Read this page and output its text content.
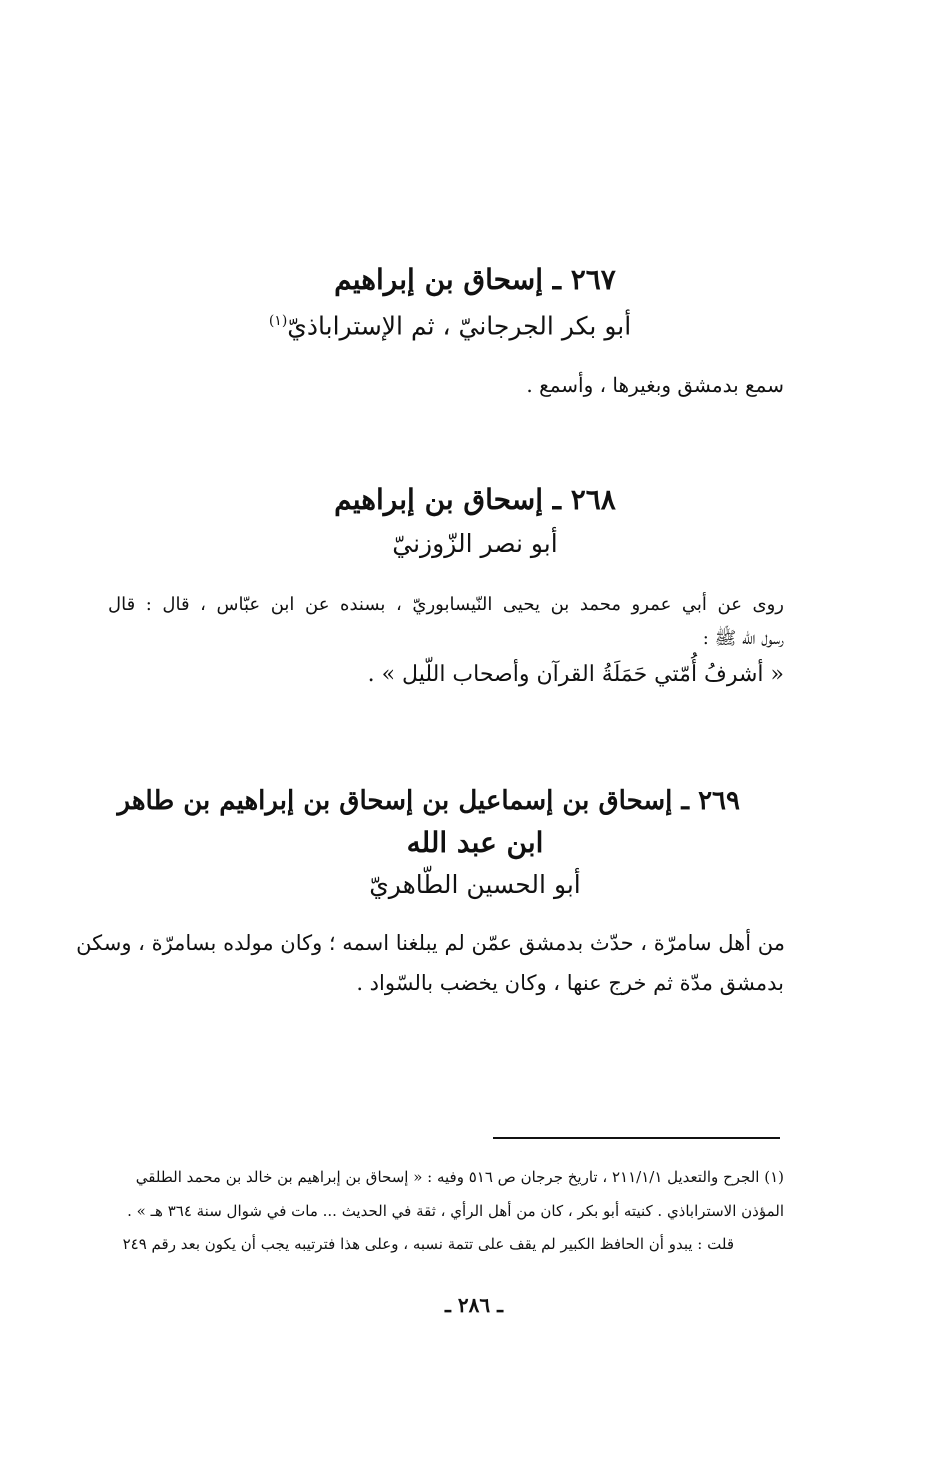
٢٦٧ ـ إسحاق بن إبراهيم
أبو بكر الجرجانيّ ، ثم الإستراباذيّ$^{(١)}$
سمع بدمشق وبغيرها ، وأسمع .
٢٦٨ ـ إسحاق بن إبراهيم
أبو نصر الزّوزنيّ
روى عن أبي عمرو محمد بن يحيى النّيسابوريّ ، بسنده عن ابن عبّاس ، قال : قال
رسول الله ﷺ :
« أشرفُ أُمّتي حَمَلَةُ القرآن وأصحاب اللّيل » .
٢٦٩ ـ إسحاق بن إسماعيل بن إسحاق بن إبراهيم بن طاهر
ابن عبد الله
أبو الحسين الطّاهريّ
من أهل سامرّة ، حدّث بدمشق عمّن لم يبلغنا اسمه ؛ وكان مولده بسامرّة ، وسكن
بدمشق مدّة ثم خرج عنها ، وكان يخضب بالسّواد .
(١) الجرح والتعديل ٢١١/١/١ ، تاريخ جرجان ص ٥١٦ وفيه : « إسحاق بن إبراهيم بن خالد بن محمد الطلقي
المؤذن الاستراباذي . كنيته أبو بكر ، كان من أهل الرأي ، ثقة في الحديث ... مات في شوال سنة ٣٦٤ هـ » .
قلت : يبدو أن الحافظ الكبير لم يقف على تتمة نسبه ، وعلى هذا فترتيبه يجب أن يكون بعد رقم ٢٤٩
ـ ٢٨٦ ـ
